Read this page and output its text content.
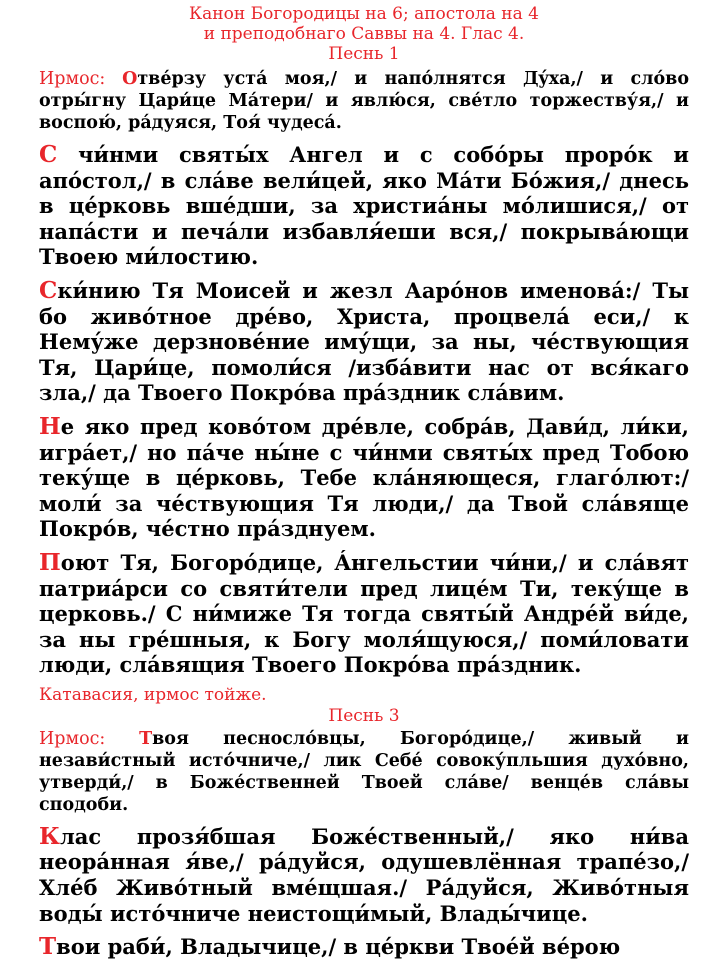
Канон Богородицы на 6; апостола на 4
и преподобнаго Саввы на 4. Глас 4.
Песнь 1

Ирмос: Отвéрзу устá моя,/ и напóлнятся Дýха,/ и слóво отры́гну Цари́це Мáтери/ и явлю́ся, свéтло торжеству́я,/ и воспою́, рáдуяся, Тоя́ чудесá.

С чи́нми святы́х Ангел и с собóры прорóк и апóстол,/ в слáве вели́цей, яко Мáти Бóжия,/ днесь в цéрковь вшéдши, за христиáны мóлишися,/ от напáсти и печáли избавля́еши вся,/ покрывáющи Твоею ми́лостию.

Ски́нию Тя Моисей и жезл Аарóнов именовá:/ Ты бо живóтное дрéво, Христа, процвелá еси,/ к Нему́же дерзновéние иму́щи, за ны, чéствующия Тя, Цари́це, помоли́ся /избáвити нас от вся́каго зла,/ да Твоего Покрóва прáздник слáвим.

Не яко пред ковóтом дрéвле, собрáв, Дави́д, ли́ки, игрáет,/ но пáче ны́не с чи́нми святы́х пред Тобою теку́ще в цéрковь, Тебе клáняющеся, глагóлют:/ моли́ за чéствующия Тя люди,/ да Твой слáвяще Покрóв, чéстно прáзднуем.

Поют Тя, Богорóдице, Áнгельстии чи́ни,/ и слáвят патриáрси со святи́тели пред лицéм Ти, теку́ще в церковь./ С ни́миже Тя тогда святы́й Андрéй ви́де, за ны грéшныя, к Богу моля́щуюся,/ поми́ловати люди, слáвящия Твоего Покрóва прáздник.

Катавасия, ирмос тойже.
Песнь 3

Ирмос: Твоя песнослóвцы, Богорóдице,/ живый и незави́стный истóчниче,/ лик Себé совоку́пльшия духóвно, утверди́,/ в Божéственней Твоей слáве/ венцéв слáвы сподоби.

Клас прозя́бшая Божéственный,/ яко ни́ва неорáнная я́ве,/ рáдуйся, одушевлённая трапéзо,/ Хлéб Живóтный вмéщшая./ Рáдуйся, Живóтныя воды́ истóчниче неистощи́мый, Влады́чице.

Твои раби́, Владычице,/ в цéркви Твоéй вéрою
